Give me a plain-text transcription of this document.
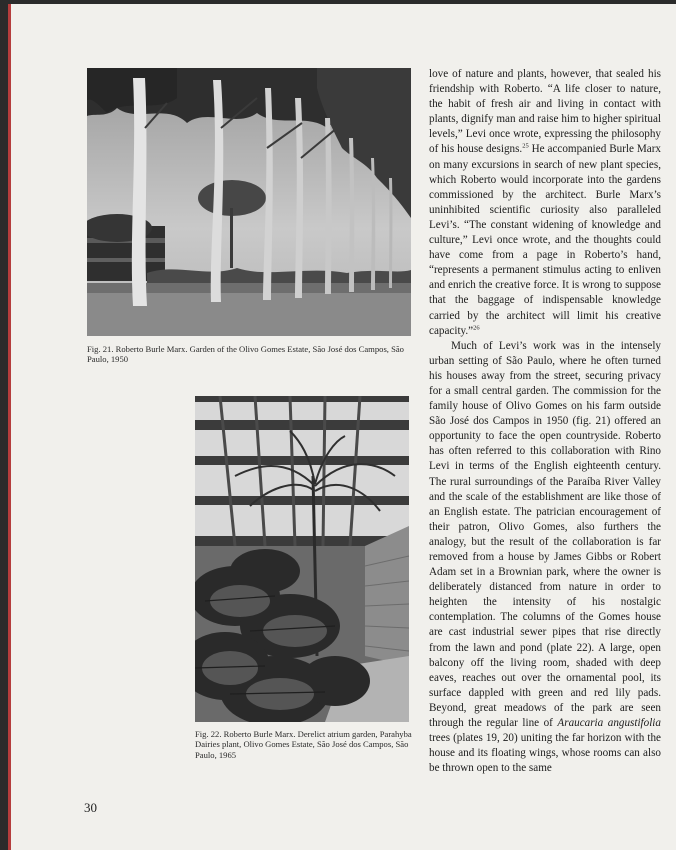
Fig. 21. Roberto Burle Marx. Garden of the Olivo Gomes Estate, São José dos Campos, São Paulo, 1950
Fig. 22. Roberto Burle Marx. Derelict atrium garden, Parahyba Dairies plant, Olivo Gomes Estate, São José dos Campos, São Paulo, 1965

love of nature and plants, however, that sealed his friendship with Roberto. “A life closer to nature, the habit of fresh air and living in contact with plants, dignify man and raise him to higher spiritual levels,” Levi once wrote, expressing the philosophy of his house designs.$^{25}$ He accompanied Burle Marx on many excursions in search of new plant species, which Roberto would incorporate into the gardens commissioned by the architect. Burle Marx’s uninhibited scientific curiosity also paralleled Levi’s. “The constant widening of knowledge and culture,” Levi once wrote, and the thoughts could have come from a page in Roberto’s hand, “represents a permanent stimulus acting to enliven and enrich the creative force. It is wrong to suppose that the baggage of indispensable knowledge carried by the architect will limit his creative capacity.”$^{26}$

Much of Levi’s work was in the intensely urban setting of São Paulo, where he often turned his houses away from the street, securing privacy for a small central garden. The commission for the family house of Olivo Gomes on his farm outside São José dos Campos in 1950 (fig. 21) offered an opportunity to face the open countryside. Roberto has often referred to this collaboration with Rino Levi in terms of the English eighteenth century. The rural surroundings of the Paraíba River Valley and the scale of the establishment are like those of an English estate. The patrician encouragement of their patron, Olivo Gomes, also furthers the analogy, but the result of the collaboration is far removed from a house by James Gibbs or Robert Adam set in a Brownian park, where the owner is deliberately distanced from nature in order to heighten the intensity of his nostalgic contemplation. The columns of the Gomes house are cast industrial sewer pipes that rise directly from the lawn and pond (plate 22). A large, open balcony off the living room, shaded with deep eaves, reaches out over the ornamental pool, its surface dappled with green and red lily pads. Beyond, great meadows of the park are seen through the regular line of Araucaria angustifolia trees (plates 19, 20) uniting the far horizon with the house and its floating wings, whose rooms can also be thrown open to the same

30
